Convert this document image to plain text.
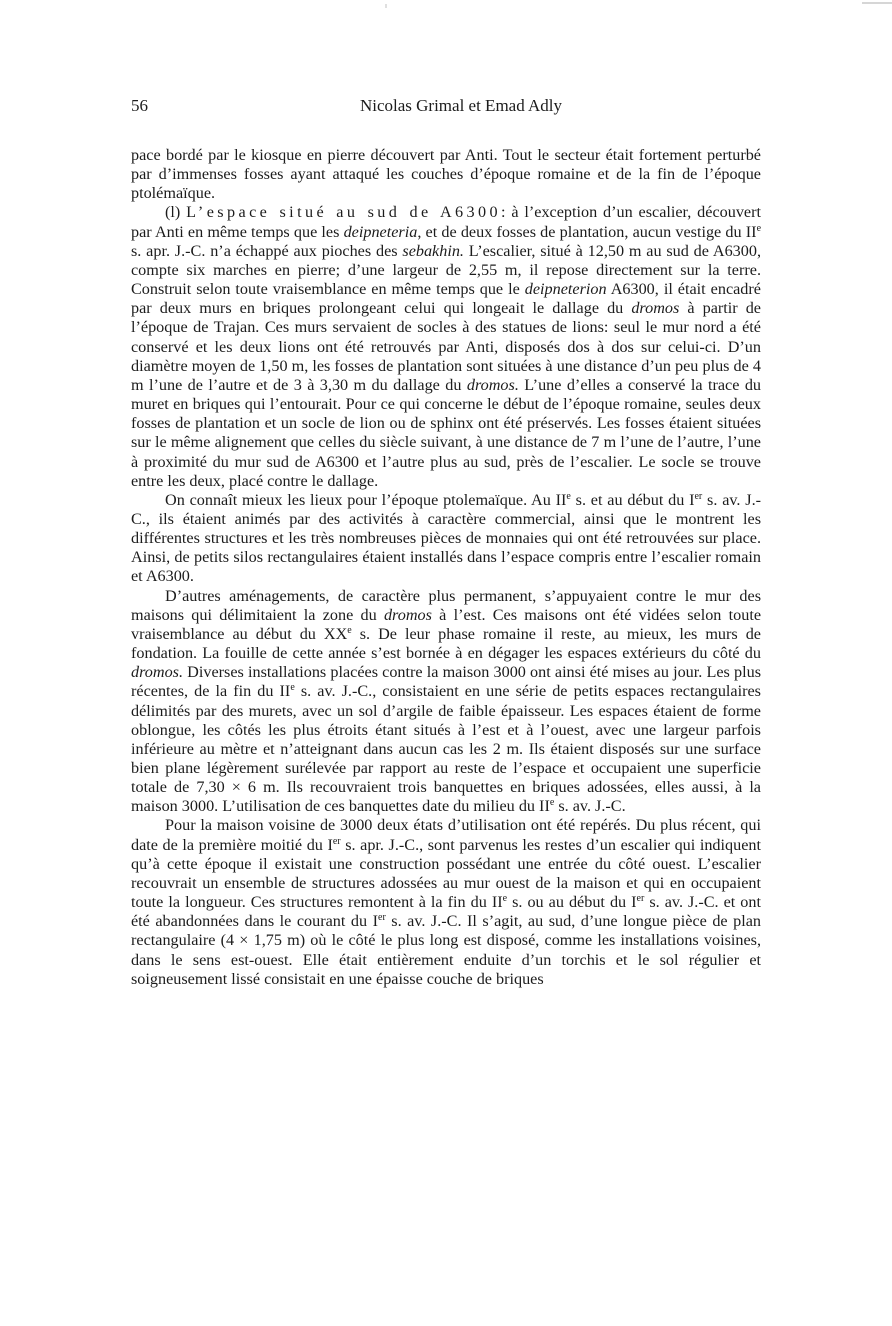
56	Nicolas Grimal et Emad Adly

pace bordé par le kiosque en pierre découvert par Anti. Tout le secteur était fortement perturbé par d’immenses fosses ayant attaqué les couches d’époque romaine et de la fin de l’époque ptolémaïque.

(l) L’espace situé au sud de A6300: à l’exception d’un escalier, découvert par Anti en même temps que les deipneteria, et de deux fosses de plantation, aucun vestige du IIe s. apr. J.-C. n’a échappé aux pioches des sebakhin. L’escalier, situé à 12,50 m au sud de A6300, compte six marches en pierre; d’une largeur de 2,55 m, il repose directement sur la terre. Construit selon toute vraisemblance en même temps que le deipneterion A6300, il était encadré par deux murs en briques prolongeant celui qui longeait le dallage du dromos à partir de l’époque de Trajan. Ces murs servaient de socles à des statues de lions: seul le mur nord a été conservé et les deux lions ont été retrouvés par Anti, disposés dos à dos sur celui-ci. D’un diamètre moyen de 1,50 m, les fosses de plantation sont situées à une distance d’un peu plus de 4 m l’une de l’autre et de 3 à 3,30 m du dallage du dromos. L’une d’elles a conservé la trace du muret en briques qui l’entourait. Pour ce qui concerne le début de l’époque romaine, seules deux fosses de plantation et un socle de lion ou de sphinx ont été préservés. Les fosses étaient situées sur le même alignement que celles du siècle suivant, à une distance de 7 m l’une de l’autre, l’une à proximité du mur sud de A6300 et l’autre plus au sud, près de l’escalier. Le socle se trouve entre les deux, placé contre le dallage.

On connaît mieux les lieux pour l’époque ptolemaïque. Au IIe s. et au début du Ier s. av. J.-C., ils étaient animés par des activités à caractère commercial, ainsi que le montrent les différentes structures et les très nombreuses pièces de monnaies qui ont été retrouvées sur place. Ainsi, de petits silos rectangulaires étaient installés dans l’espace compris entre l’escalier romain et A6300.

D’autres aménagements, de caractère plus permanent, s’appuyaient contre le mur des maisons qui délimitaient la zone du dromos à l’est. Ces maisons ont été vidées selon toute vraisemblance au début du XXe s. De leur phase romaine il reste, au mieux, les murs de fondation. La fouille de cette année s’est bornée à en dégager les espaces extérieurs du côté du dromos. Diverses installations placées contre la maison 3000 ont ainsi été mises au jour. Les plus récentes, de la fin du IIe s. av. J.-C., consistaient en une série de petits espaces rectangulaires délimités par des murets, avec un sol d’argile de faible épaisseur. Les espaces étaient de forme oblongue, les côtés les plus étroits étant situés à l’est et à l’ouest, avec une largeur parfois inférieure au mètre et n’atteignant dans aucun cas les 2 m. Ils étaient disposés sur une surface bien plane légèrement surélevée par rapport au reste de l’espace et occupaient une superficie totale de 7,30 × 6 m. Ils recouvraient trois banquettes en briques adossées, elles aussi, à la maison 3000. L’utilisation de ces banquettes date du milieu du IIe s. av. J.-C.

Pour la maison voisine de 3000 deux états d’utilisation ont été repérés. Du plus récent, qui date de la première moitié du Ier s. apr. J.-C., sont parvenus les restes d’un escalier qui indiquent qu’à cette époque il existait une construction possédant une entrée du côté ouest. L’escalier recouvrait un ensemble de structures adossées au mur ouest de la maison et qui en occupaient toute la longueur. Ces structures remontent à la fin du IIe s. ou au début du Ier s. av. J.-C. et ont été abandonnées dans le courant du Ier s. av. J.-C. Il s’agit, au sud, d’une longue pièce de plan rectangulaire (4 × 1,75 m) où le côté le plus long est disposé, comme les installations voisines, dans le sens est-ouest. Elle était entièrement enduite d’un torchis et le sol régulier et soigneusement lissé consistait en une épaisse couche de briques
